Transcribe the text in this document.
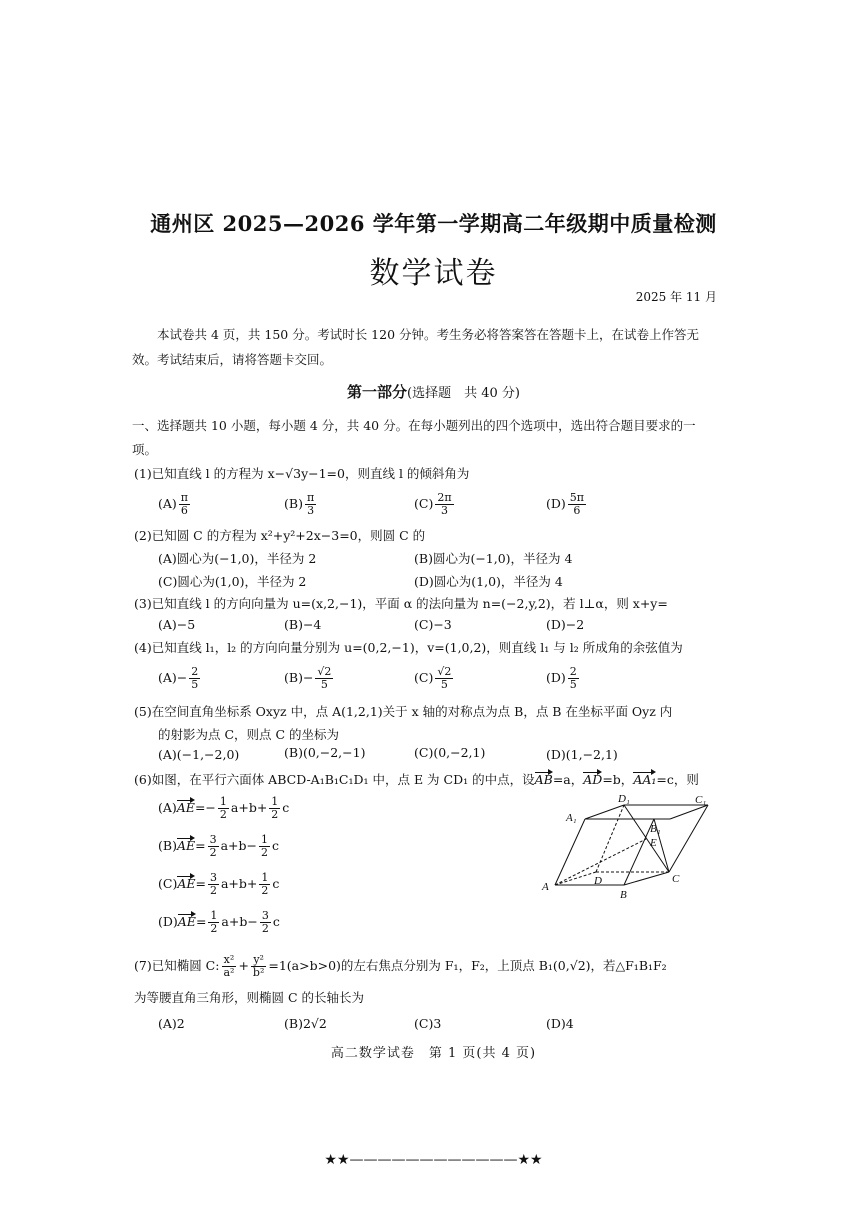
通州区 2025—2026 学年第一学期高二年级期中质量检测
数学试卷
2025 年 11 月
本试卷共 4 页，共 150 分。考试时长 120 分钟。考生务必将答案答在答题卡上，在试卷上作答无效。考试结束后，请将答题卡交回。
第一部分(选择题　共 40 分)
一、选择题共 10 小题，每小题 4 分，共 40 分。在每小题列出的四个选项中，选出符合题目要求的一项。
(1)已知直线 l 的方程为 x−√3y−1=0，则直线 l 的倾斜角为
$(A) \frac{\pi}{6}$	$(B) \frac{\pi}{3}$	$(C) \frac{2\pi}{3}$	$(D) \frac{5\pi}{6}$
(2)已知圆 C 的方程为 x²+y²+2x−3=0，则圆 C 的
(A)圆心为(−1,0)，半径为 2	(B)圆心为(−1,0)，半径为 4
(C)圆心为(1,0)，半径为 2	(D)圆心为(1,0)，半径为 4
(3)已知直线 l 的方向向量为 u=(x,2,−1)，平面 α 的法向量为 n=(−2,y,2)，若 l⊥α，则 x+y=
(A)−5	(B)−4	(C)−3	(D)−2
(4)已知直线 l₁，l₂ 的方向向量分别为 u=(0,2,−1)，v=(1,0,2)，则直线 l₁ 与 l₂ 所成角的余弦值为
$(A)- \frac{2}{5}$	$(B)- \frac{√2}{5}$	$(C) \frac{√2}{5}$	$(D) \frac{2}{5}$
(5)在空间直角坐标系 Oxyz 中，点 A(1,2,1)关于 x 轴的对称点为点 B，点 B 在坐标平面 Oyz 内
的射影为点 C，则点 C 的坐标为
(A)(−1,−2,0)	(B)(0,−2,−1)	(C)(0,−2,1)	(D)(1,−2,1)
(6)如图，在平行六面体 ABCD-A₁B₁C₁D₁ 中，点 E 为 CD₁ 的中点，设AB=a，AD=b，AA₁=c，则
$(A)AE=- \frac{1}{2} a+b+ \frac{1}{2}$ c
$(B)AE= \frac{3}{2} a+b- \frac{1}{2}$ c
$(C)AE= \frac{3}{2} a+b+ \frac{1}{2}$ c
$(D)AE= \frac{1}{2} a+b- \frac{3}{2}$ c
A
B
C
D
A₁
B₁
C₁
D₁
E
(7)已知椭圆 C: $\frac{\text{x²}}{\text{a²}} + \frac{\text{y²}}{\text{b²}} =1(a>b>0)$的左右焦点分别为 F₁，F₂，上顶点 B₁(0,√2)，若△F₁B₁F₂
为等腰直角三角形，则椭圆 C 的长轴长为
(A)2	(B)2√2	(C)3	(D)4
高二数学试卷　第 1 页(共 4 页)
★★————————————★★
